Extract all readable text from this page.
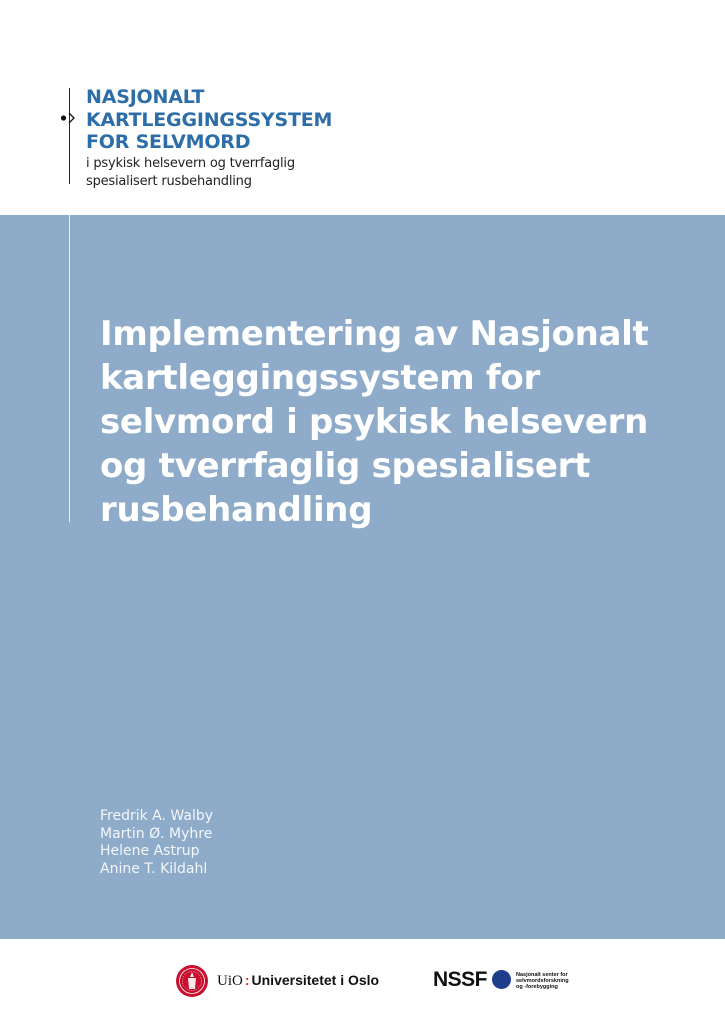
NASJONALT
KARTLEGGINGSSYSTEM
FOR SELVMORD
i psykisk helsevern og tverrfaglig
spesialisert rusbehandling
Implementering av Nasjonalt
kartleggingssystem for
selvmord i psykisk helsevern
og tverrfaglig spesialisert
rusbehandling
Fredrik A. Walby
Martin Ø. Myhre
Helene Astrup
Anine T. Kildahl
UiO : Universitetet i Oslo	NSSF	Nasjonalt senter for
selvmordsforskning
og -forebygging
